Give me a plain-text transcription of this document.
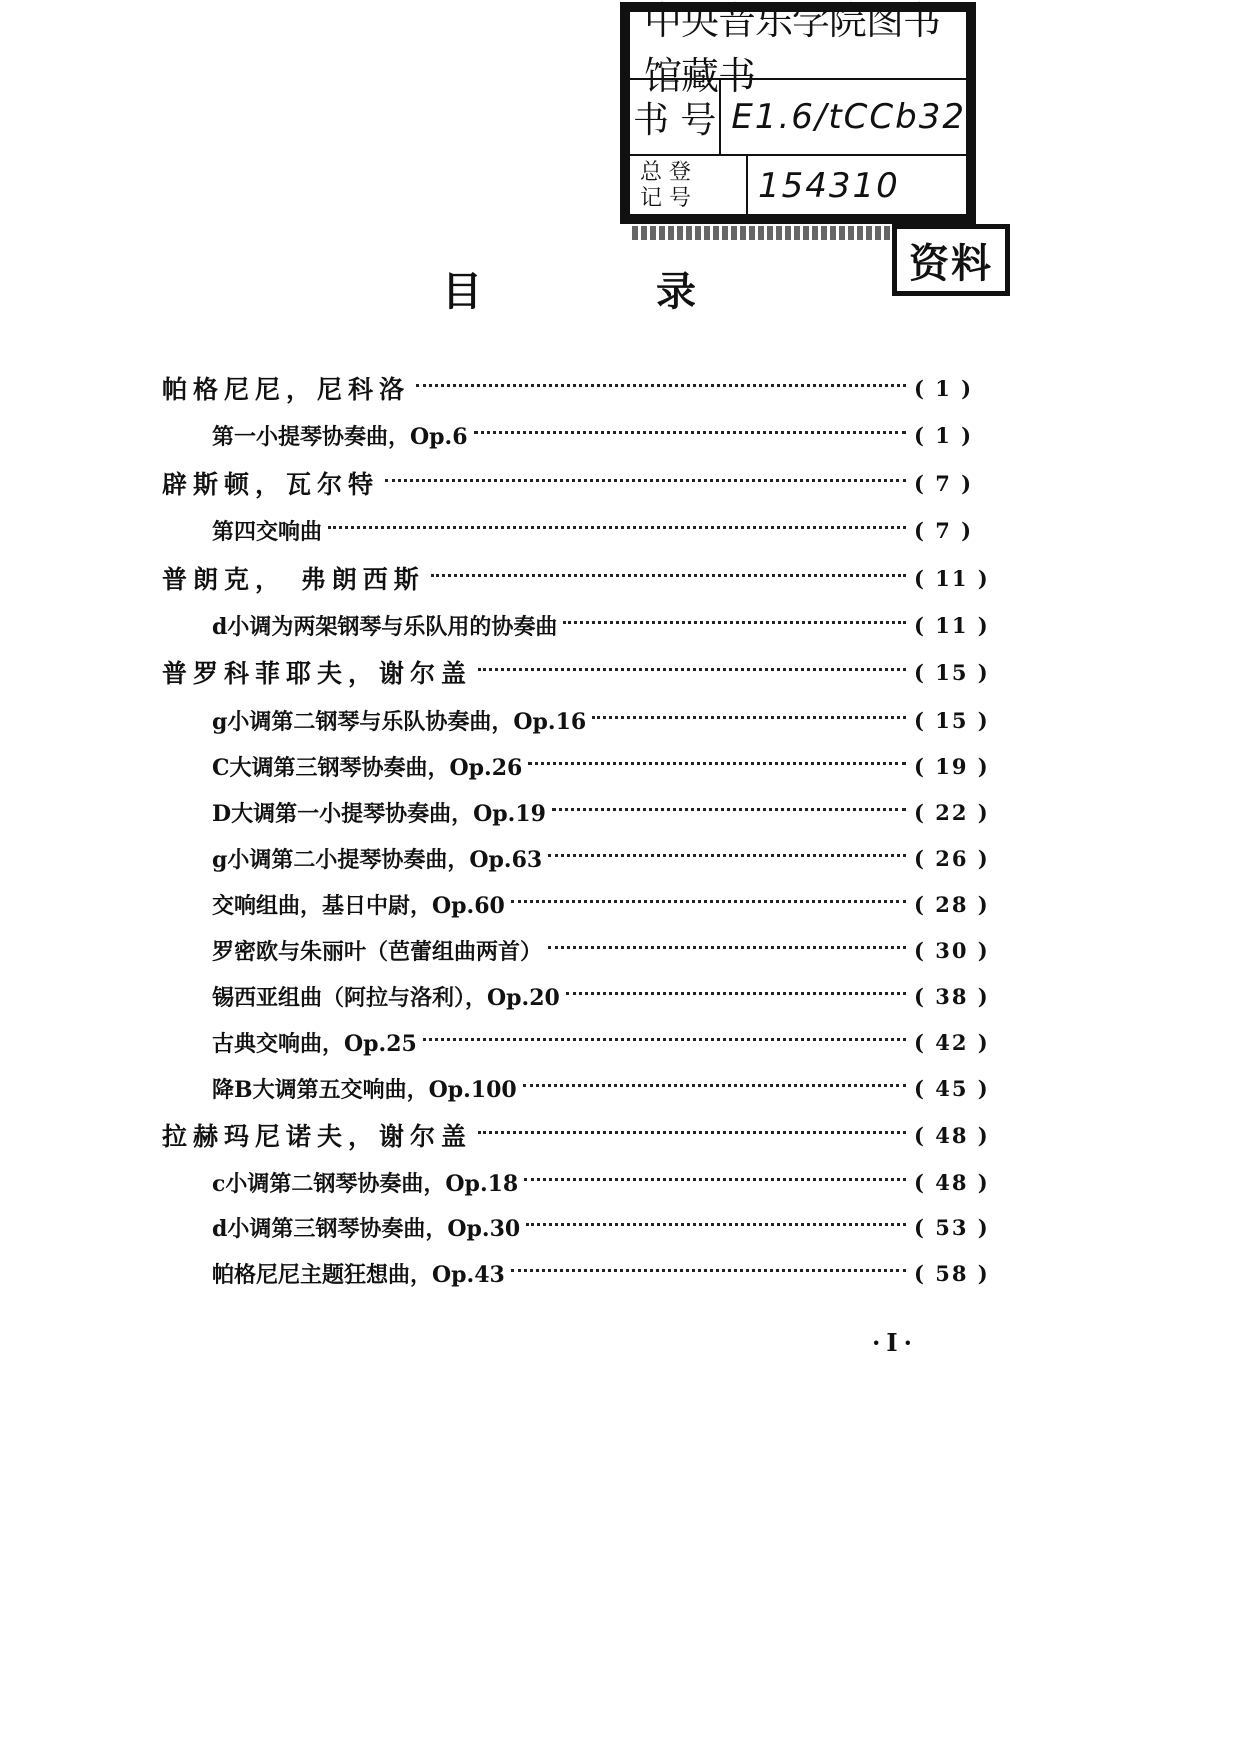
中央音乐学院图书馆藏书
书 号 E1.6/tCCb32
总 登
记 号	154310
资料
目	录
帕格尼尼，尼科洛	( 1 )
第一小提琴协奏曲，Op.6	( 1 )
辟斯顿，瓦尔特	( 7 )
第四交响曲	( 7 )
普朗克， 弗朗西斯	( 11 )
d小调为两架钢琴与乐队用的协奏曲	( 11 )
普罗科菲耶夫，谢尔盖	( 15 )
g小调第二钢琴与乐队协奏曲，Op.16	( 15 )
C大调第三钢琴协奏曲，Op.26	( 19 )
D大调第一小提琴协奏曲，Op.19	( 22 )
g小调第二小提琴协奏曲，Op.63	( 26 )
交响组曲，基日中尉，Op.60	( 28 )
罗密欧与朱丽叶（芭蕾组曲两首）	( 30 )
锡西亚组曲（阿拉与洛利），Op.20	( 38 )
古典交响曲，Op.25	( 42 )
降B大调第五交响曲，Op.100	( 45 )
拉赫玛尼诺夫，谢尔盖	( 48 )
c小调第二钢琴协奏曲，Op.18	( 48 )
d小调第三钢琴协奏曲，Op.30	( 53 )
帕格尼尼主题狂想曲，Op.43	( 58 )
·I·
